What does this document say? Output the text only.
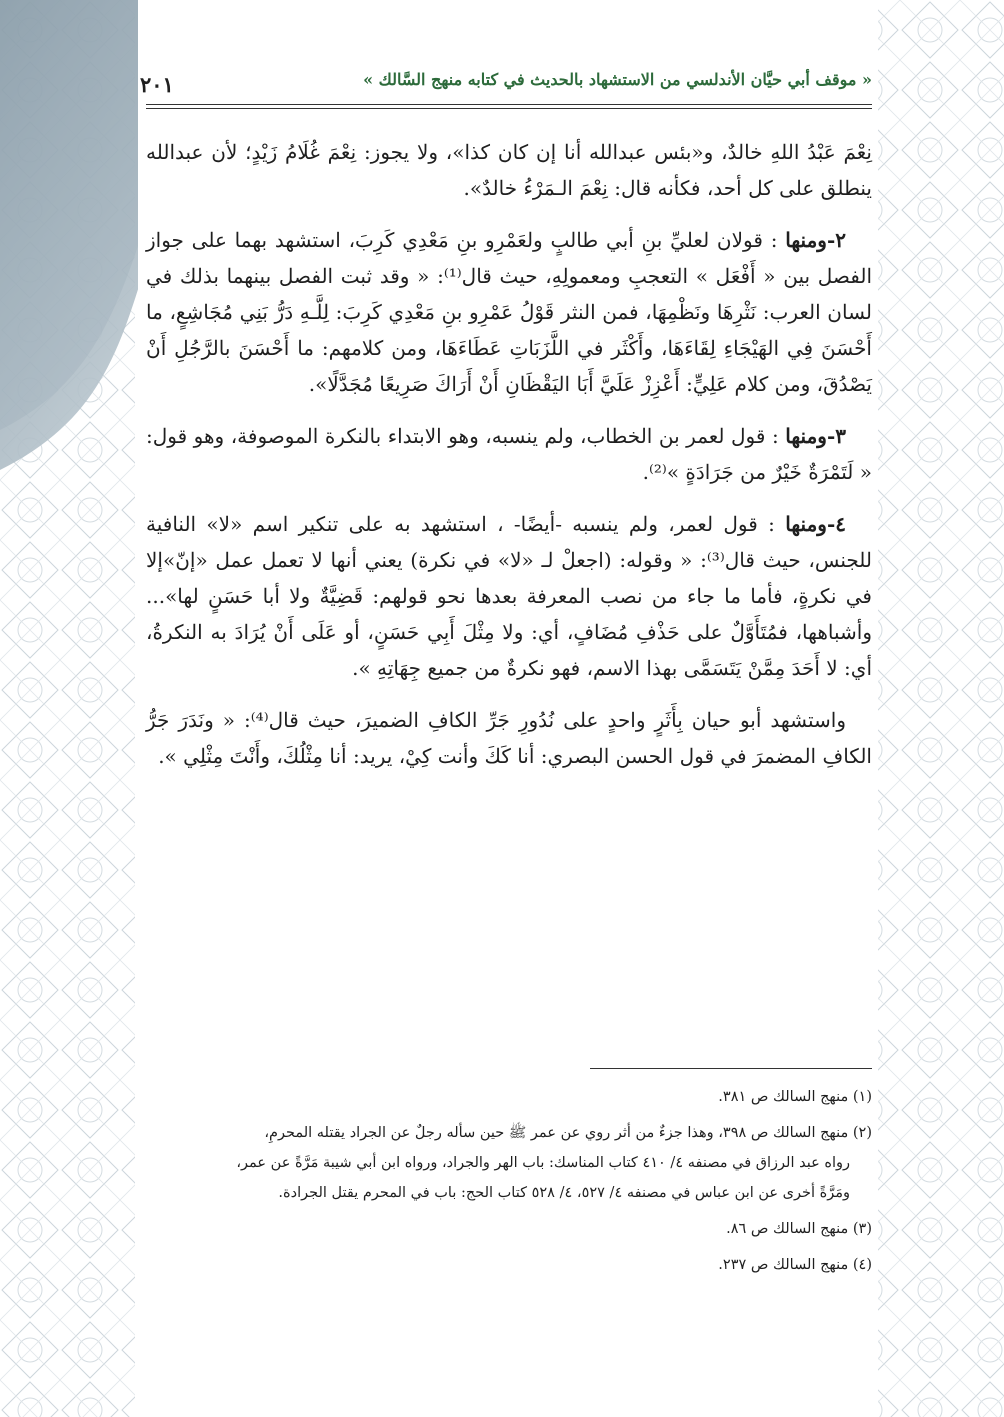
« موقف أبي حيَّان الأندلسي من الاستشهاد بالحديث في كتابه منهج السَّالك »
٢٠١

نِعْمَ عَبْدُ اللهِ خالدٌ، و«بئس عبدالله أنا إن كان كذا»، ولا يجوز: نِعْمَ غُلَامُ زَيْدٍ؛ لأن عبدالله ينطلق على كل أحد، فكأنه قال: نِعْمَ الـمَرْءُ خالدٌ».

٢-ومنها : قولان لعليِّ بنِ أبي طالبٍ ولعَمْرِو بنِ مَعْدِي كَرِبَ، استشهد بهما على جواز الفصل بين « أَفْعَل » التعجبِ ومعمولِهِ، حيث قال⁽¹⁾: « وقد ثبت الفصل بينهما بذلك في لسان العرب: نَثْرِهَا ونَظْمِهَا، فمن النثر قَوْلُ عَمْرِو بنِ مَعْدِي كَرِبَ: لِلَّـهِ دَرُّ بَنِي مُجَاشِعٍ، ما أَحْسَنَ فِي الهَيْجَاءِ لِقَاءَهَا، وأَكْثَر في اللَّزَبَاتِ عَطَاءَهَا، ومن كلامهم: ما أَحْسَنَ بالرَّجُلِ أَنْ يَصْدُقَ، ومن كلام عَلِيٍّ: أَعْزِزْ عَلَيَّ أَبَا اليَقْظَانِ أَنْ أَرَاكَ صَرِيعًا مُجَدَّلًا».

٣-ومنها : قول لعمر بن الخطاب، ولم ينسبه، وهو الابتداء بالنكرة الموصوفة، وهو قول: « لَتَمْرَةٌ خَيْرٌ من جَرَادَةٍ »⁽²⁾.

٤-ومنها : قول لعمر، ولم ينسبه -أيضًا- ، استشهد به على تنكير اسم «لا» النافية للجنس، حيث قال⁽³⁾: « وقوله: (اجعلْ لـ «لا» في نكرة) يعني أنها لا تعمل عمل «إنّ»إلا في نكرةٍ، فأما ما جاء من نصب المعرفة بعدها نحو قولهم: قَضِيَّةٌ ولا أبا حَسَنٍ لها»... وأشباهها، فمُتَأَوَّلٌ على حَذْفِ مُضَافٍ، أي: ولا مِثْلَ أَبِي حَسَنٍ، أو عَلَى أَنْ يُرَادَ به النكرةُ، أي: لا أَحَدَ مِمَّنْ يَتَسَمَّى بهذا الاسم، فهو نكرةٌ من جميع جِهَاتِهِ ».

واستشهد أبو حيان بِأَثَرٍ واحدٍ على نُدُورِ جَرِّ الكافِ الضميرَ، حيث قال⁽⁴⁾: « ونَدَرَ جَرُّ الكافِ المضمرَ في قول الحسن البصري: أنا كَكَ وأنت كِيْ، يريد: أنا مِثْلُكَ، وأَنْتَ مِثْلِي ».

(١) منهج السالك ص ٣٨١.

(٢) منهج السالك ص ٣٩٨، وهذا جزءٌ من أثر روي عن عمر ﷺ حين سأله رجلٌ عن الجراد يقتله المحرمِ،

رواه عبد الرزاق في مصنفه ٤/ ٤١٠ كتاب المناسك: باب الهر والجراد، ورواه ابن أبي شيبة مَرَّةً عن عمر،

ومَرَّةً أخرى عن ابن عباس في مصنفه ٤/ ٥٢٧، ٤/ ٥٢٨ كتاب الحج: باب في المحرم يقتل الجرادة.

(٣) منهج السالك ص ٨٦.

(٤) منهج السالك ص ٢٣٧.
